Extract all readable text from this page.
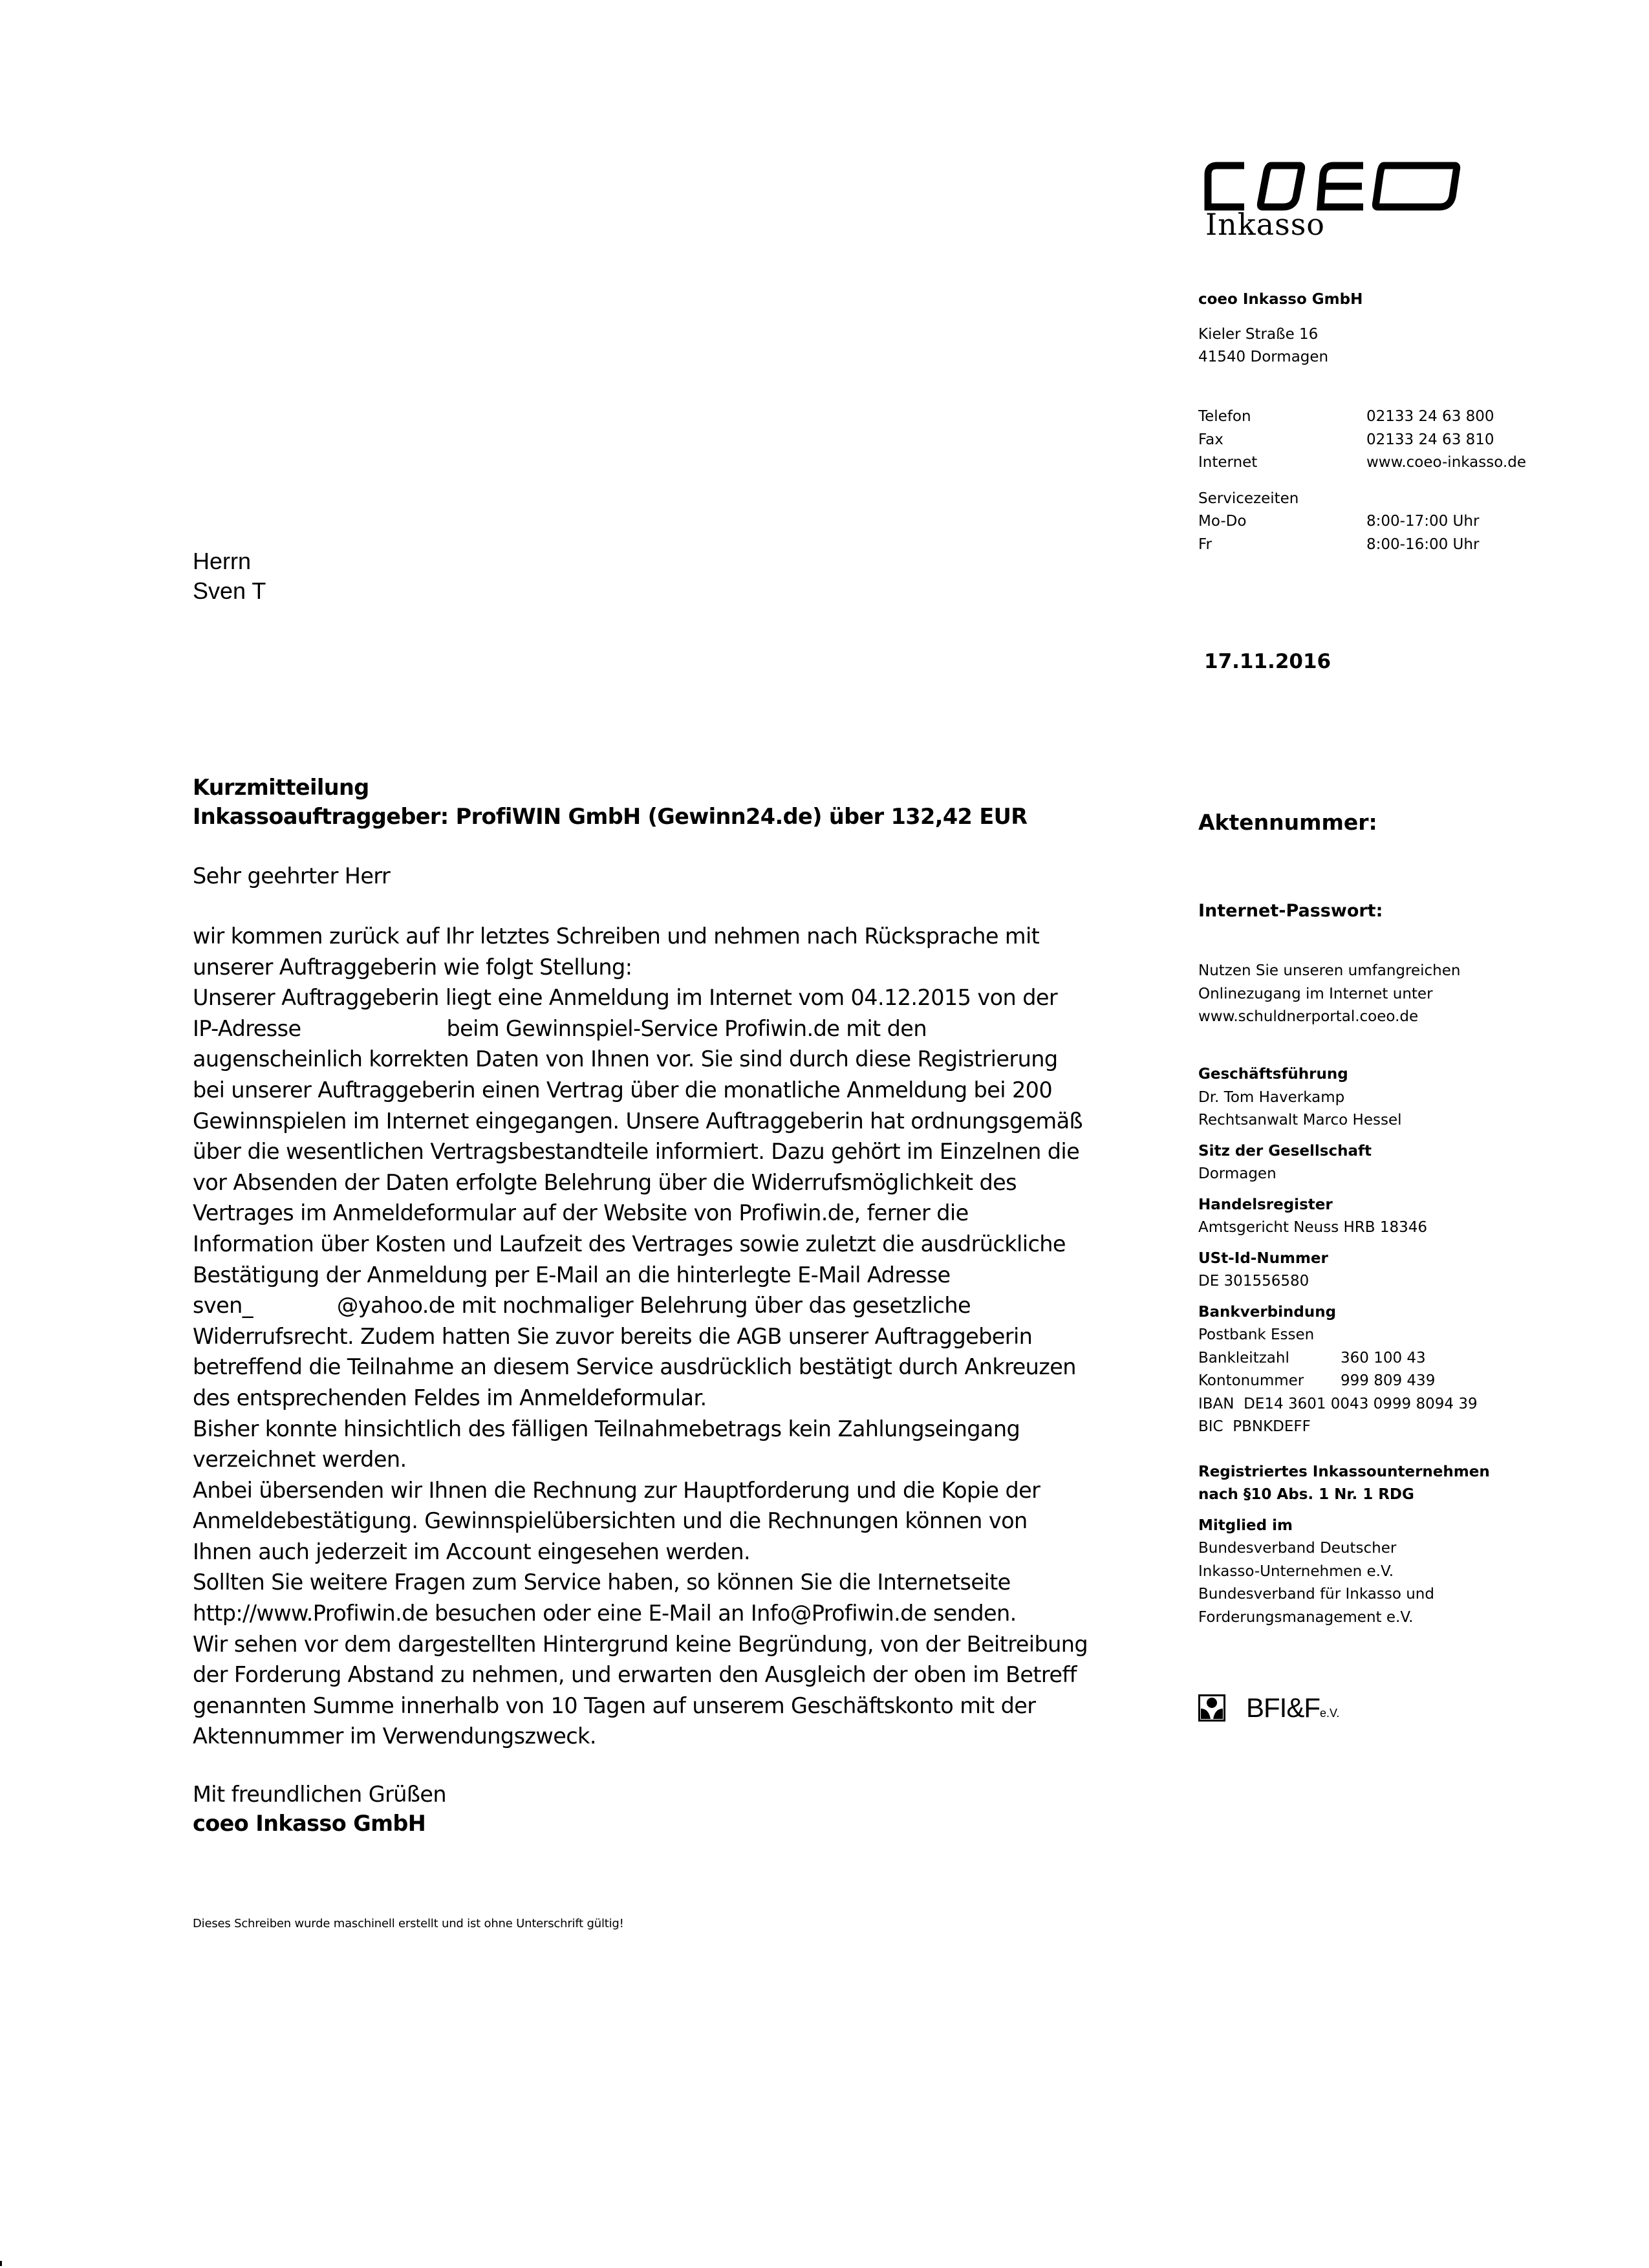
Inkasso
coeo Inkasso GmbH
Kieler Straße 16
41540 Dormagen
Telefon	02133 24 63 800
Fax	02133 24 63 810
Internet	www.coeo-inkasso.de
Servicezeiten
Mo-Do	8:00-17:00 Uhr
Fr	8:00-16:00 Uhr
Herrn
Sven T
17.11.2016
Kurzmitteilung
Inkassoauftraggeber: ProfiWIN GmbH (Gewinn24.de) über 132,42 EUR	Aktennummer:
Internet-Passwort:
Sehr geehrter Herr

wir kommen zurück auf Ihr letztes Schreiben und nehmen nach Rücksprache mit

unserer Auftraggeberin wie folgt Stellung:

Unserer Auftraggeberin liegt eine Anmeldung im Internet vom 04.12.2015 von der

IP-Adresse	beim Gewinnspiel-Service Profiwin.de mit den

augenscheinlich korrekten Daten von Ihnen vor. Sie sind durch diese Registrierung

bei unserer Auftraggeberin einen Vertrag über die monatliche Anmeldung bei 200

Gewinnspielen im Internet eingegangen. Unsere Auftraggeberin hat ordnungsgemäß

über die wesentlichen Vertragsbestandteile informiert. Dazu gehört im Einzelnen die

vor Absenden der Daten erfolgte Belehrung über die Widerrufsmöglichkeit des

Vertrages im Anmeldeformular auf der Website von Profiwin.de, ferner die

Information über Kosten und Laufzeit des Vertrages sowie zuletzt die ausdrückliche

Bestätigung der Anmeldung per E-Mail an die hinterlegte E-Mail Adresse

sven_	@yahoo.de mit nochmaliger Belehrung über das gesetzliche

Widerrufsrecht. Zudem hatten Sie zuvor bereits die AGB unserer Auftraggeberin

betreffend die Teilnahme an diesem Service ausdrücklich bestätigt durch Ankreuzen

des entsprechenden Feldes im Anmeldeformular.

Bisher konnte hinsichtlich des fälligen Teilnahmebetrags kein Zahlungseingang

verzeichnet werden.

Anbei übersenden wir Ihnen die Rechnung zur Hauptforderung und die Kopie der

Anmeldebestätigung. Gewinnspielübersichten und die Rechnungen können von

Ihnen auch jederzeit im Account eingesehen werden.

Sollten Sie weitere Fragen zum Service haben, so können Sie die Internetseite

http://www.Profiwin.de besuchen oder eine E-Mail an Info@Profiwin.de senden.

Wir sehen vor dem dargestellten Hintergrund keine Begründung, von der Beitreibung

der Forderung Abstand zu nehmen, und erwarten den Ausgleich der oben im Betreff

genannten Summe innerhalb von 10 Tagen auf unserem Geschäftskonto mit der

Aktennummer im Verwendungszweck.

Mit freundlichen Grüßen
coeo Inkasso GmbH
Dieses Schreiben wurde maschinell erstellt und ist ohne Unterschrift gültig!
Nutzen Sie unseren umfangreichen
Onlinezugang im Internet unter
www.schuldnerportal.coeo.de
Geschäftsführung
Dr. Tom Haverkamp
Rechtsanwalt Marco Hessel
Sitz der Gesellschaft
Dormagen
Handelsregister
Amtsgericht Neuss HRB 18346
USt-Id-Nummer
DE 301556580
Bankverbindung
Postbank Essen
Bankleitzahl	360 100 43
Kontonummer	999 809 439
IBAN  DE14 3601 0043 0999 8094 39
BIC  PBNKDEFF
Registriertes Inkassounternehmen
nach §10 Abs. 1 Nr. 1 RDG
Mitglied im
Bundesverband Deutscher
Inkasso-Unternehmen e.V.
Bundesverband für Inkasso und
Forderungsmanagement e.V.
BFI&Fe.V.
